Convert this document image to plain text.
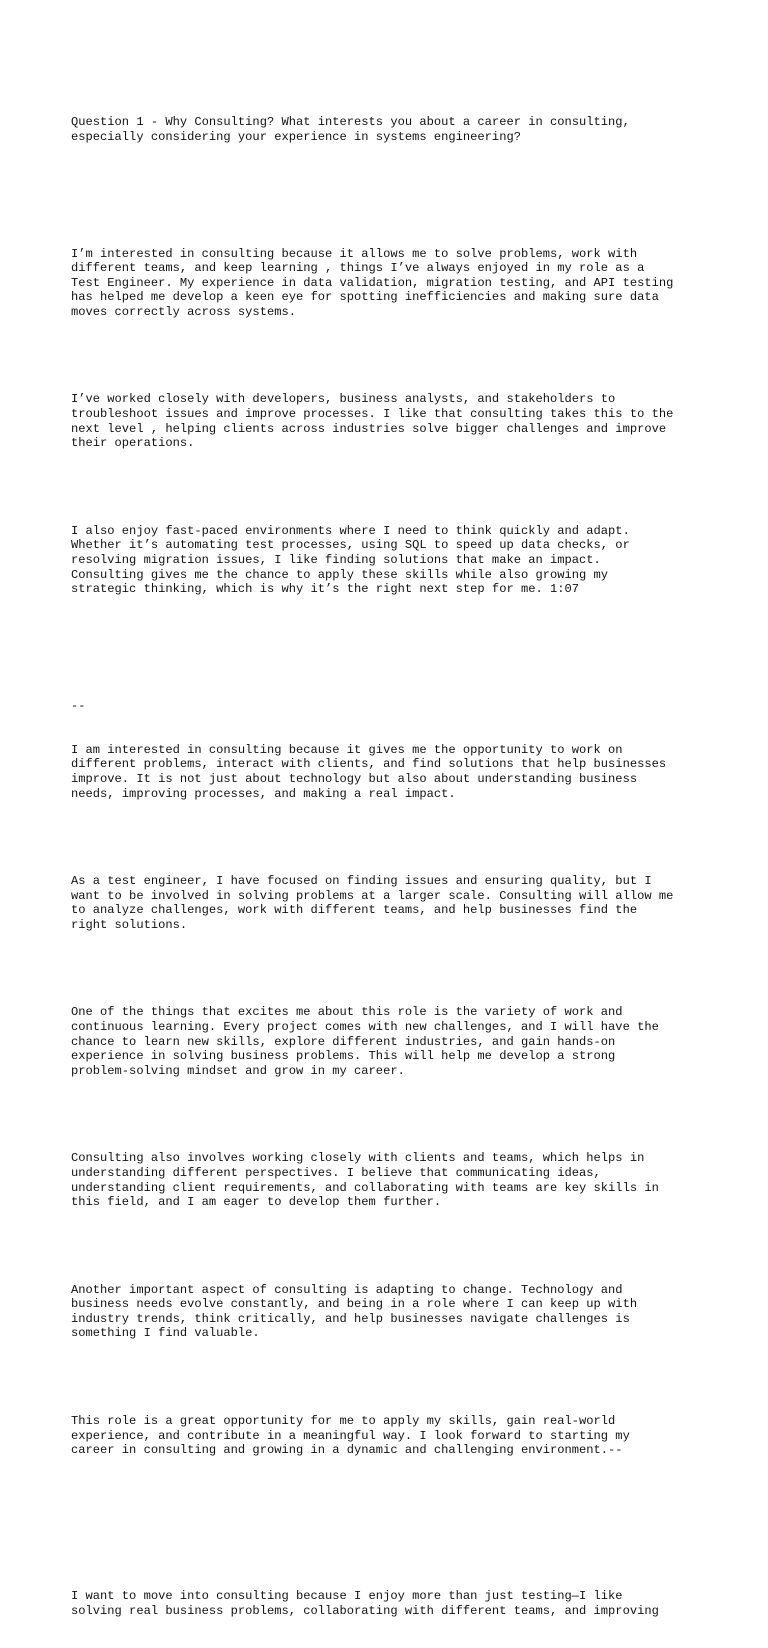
Question 1 - Why Consulting? What interests you about a career in consulting,
especially considering your experience in systems engineering?

I’m interested in consulting because it allows me to solve problems, work with
different teams, and keep learning , things I’ve always enjoyed in my role as a
Test Engineer. My experience in data validation, migration testing, and API testing
has helped me develop a keen eye for spotting inefficiencies and making sure data
moves correctly across systems.

I’ve worked closely with developers, business analysts, and stakeholders to
troubleshoot issues and improve processes. I like that consulting takes this to the
next level , helping clients across industries solve bigger challenges and improve
their operations.

I also enjoy fast-paced environments where I need to think quickly and adapt.
Whether it’s automating test processes, using SQL to speed up data checks, or
resolving migration issues, I like finding solutions that make an impact.
Consulting gives me the chance to apply these skills while also growing my
strategic thinking, which is why it’s the right next step for me. 1:07

--

I am interested in consulting because it gives me the opportunity to work on
different problems, interact with clients, and find solutions that help businesses
improve. It is not just about technology but also about understanding business
needs, improving processes, and making a real impact.

As a test engineer, I have focused on finding issues and ensuring quality, but I
want to be involved in solving problems at a larger scale. Consulting will allow me
to analyze challenges, work with different teams, and help businesses find the
right solutions.

One of the things that excites me about this role is the variety of work and
continuous learning. Every project comes with new challenges, and I will have the
chance to learn new skills, explore different industries, and gain hands-on
experience in solving business problems. This will help me develop a strong
problem-solving mindset and grow in my career.

Consulting also involves working closely with clients and teams, which helps in
understanding different perspectives. I believe that communicating ideas,
understanding client requirements, and collaborating with teams are key skills in
this field, and I am eager to develop them further.

Another important aspect of consulting is adapting to change. Technology and
business needs evolve constantly, and being in a role where I can keep up with
industry trends, think critically, and help businesses navigate challenges is
something I find valuable.

This role is a great opportunity for me to apply my skills, gain real-world
experience, and contribute in a meaningful way. I look forward to starting my
career in consulting and growing in a dynamic and challenging environment.--

I want to move into consulting because I enjoy more than just testing—I like
solving real business problems, collaborating with different teams, and improving
